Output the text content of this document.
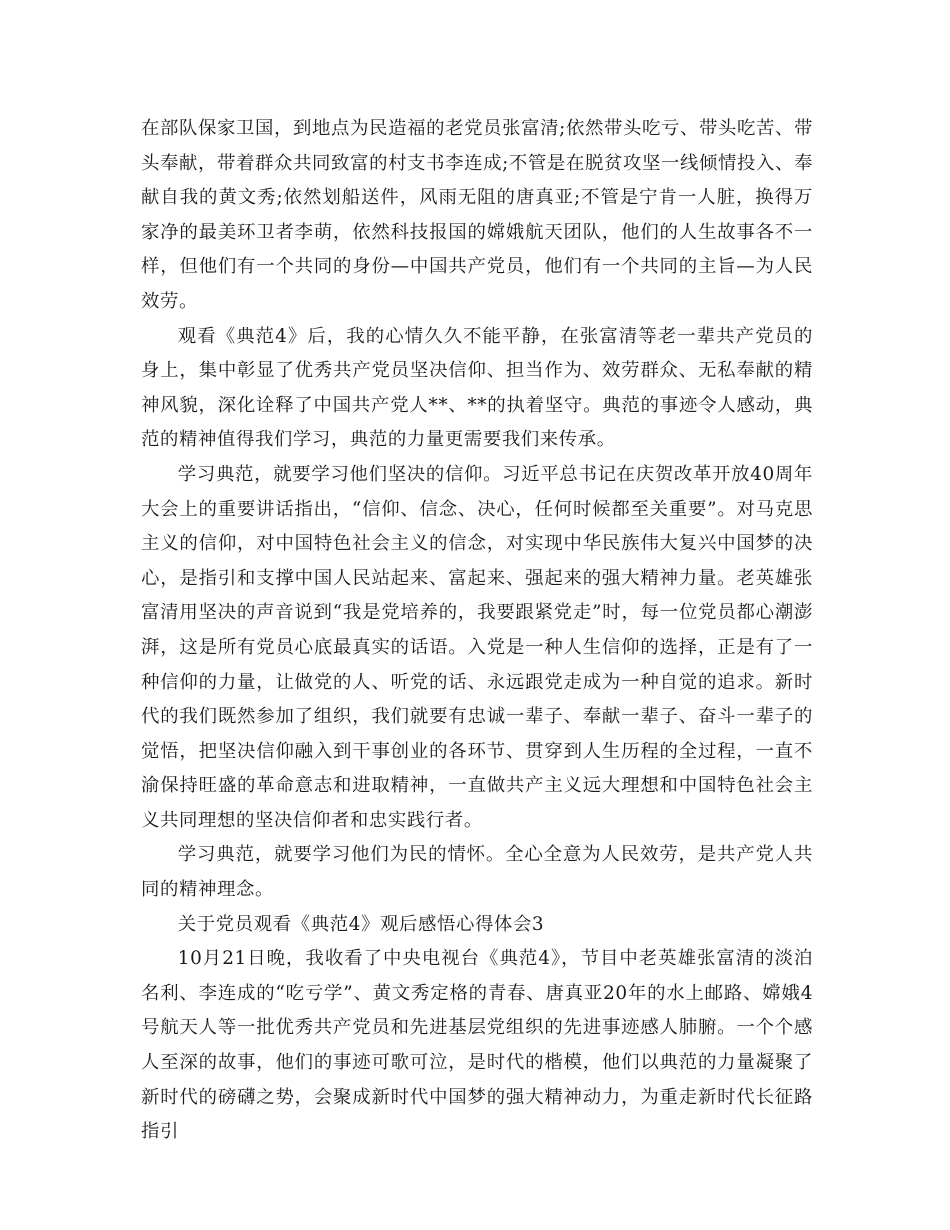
在部队保家卫国，到地点为民造福的老党员张富清;依然带头吃亏、带头吃苦、带头奉献，带着群众共同致富的村支书李连成;不管是在脱贫攻坚一线倾情投入、奉献自我的黄文秀;依然划船送件，风雨无阻的唐真亚;不管是宁肯一人脏，换得万家净的最美环卫者李萌，依然科技报国的嫦娥航天团队，他们的人生故事各不一样，但他们有一个共同的身份—中国共产党员，他们有一个共同的主旨—为人民效劳。

观看《典范4》后，我的心情久久不能平静，在张富清等老一辈共产党员的身上，集中彰显了优秀共产党员坚决信仰、担当作为、效劳群众、无私奉献的精神风貌，深化诠释了中国共产党人**、**的执着坚守。典范的事迹令人感动，典范的精神值得我们学习，典范的力量更需要我们来传承。

学习典范，就要学习他们坚决的信仰。习近平总书记在庆贺改革开放40周年大会上的重要讲话指出，“信仰、信念、决心，任何时候都至关重要”。对马克思主义的信仰，对中国特色社会主义的信念，对实现中华民族伟大复兴中国梦的决心，是指引和支撑中国人民站起来、富起来、强起来的强大精神力量。老英雄张富清用坚决的声音说到“我是党培养的，我要跟紧党走”时，每一位党员都心潮澎湃，这是所有党员心底最真实的话语。入党是一种人生信仰的选择，正是有了一种信仰的力量，让做党的人、听党的话、永远跟党走成为一种自觉的追求。新时代的我们既然参加了组织，我们就要有忠诚一辈子、奉献一辈子、奋斗一辈子的觉悟，把坚决信仰融入到干事创业的各环节、贯穿到人生历程的全过程，一直不渝保持旺盛的革命意志和进取精神，一直做共产主义远大理想和中国特色社会主义共同理想的坚决信仰者和忠实践行者。

学习典范，就要学习他们为民的情怀。全心全意为人民效劳，是共产党人共同的精神理念。

关于党员观看《典范4》观后感悟心得体会3

10月21日晚，我收看了中央电视台《典范4》，节目中老英雄张富清的淡泊名利、李连成的“吃亏学”、黄文秀定格的青春、唐真亚20年的水上邮路、嫦娥4号航天人等一批优秀共产党员和先进基层党组织的先进事迹感人肺腑。一个个感人至深的故事，他们的事迹可歌可泣，是时代的楷模，他们以典范的力量凝聚了新时代的磅礴之势，会聚成新时代中国梦的强大精神动力，为重走新时代长征路指引
